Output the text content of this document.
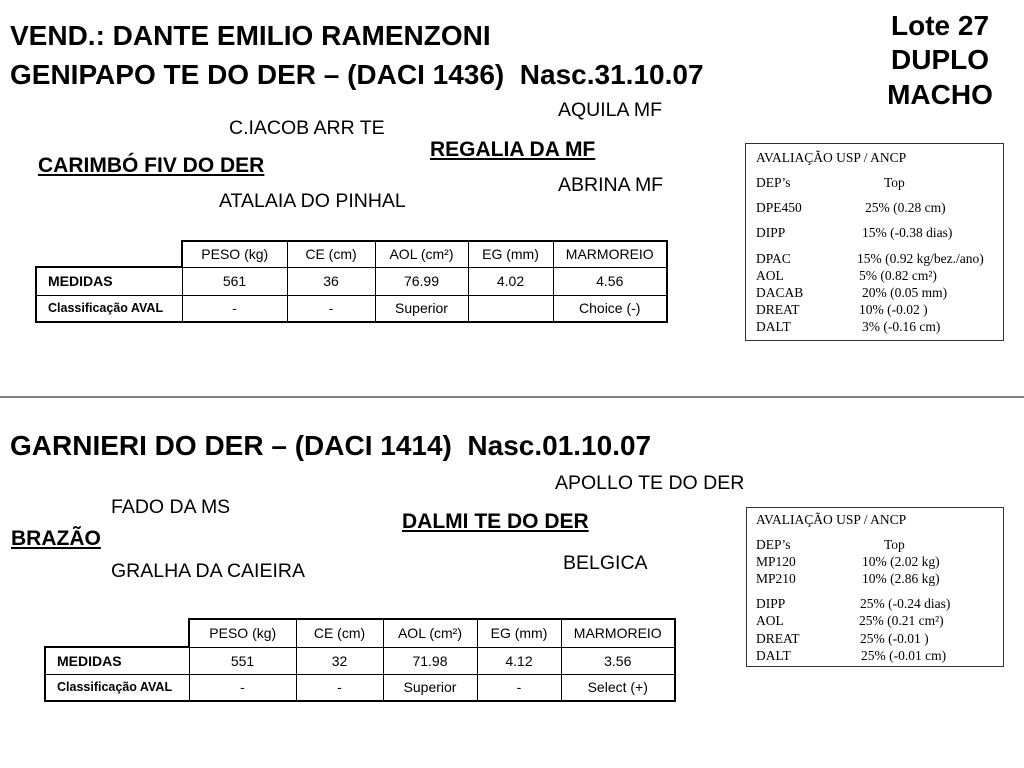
VEND.: DANTE EMILIO RAMENZONI	Lote 27
DUPLO
MACHO
GENIPAPO TE DO DER – (DACI 1436)  Nasc.31.10.07
AQUILA MF
C.IACOB ARR TE
REGALIA DA MF
CARIMBÓ FIV DO DER
ABRINA MF
ATALAIA DO PINHAL
	PESO (kg)	CE (cm)	AOL (cm²)	EG (mm)	MARMOREIO
MEDIDAS	561	36	76.99	4.02	4.56
Classificação AVAL	-	-	Superior		Choice (-)
AVALIAÇÃO USP / ANCP
DEP’s	Top
DPE450	25% (0.28 cm)
DIPP	15% (-0.38 dias)
DPAC	15% (0.92 kg/bez./ano)
AOL	5% (0.82 cm²)
DACAB	20% (0.05 mm)
DREAT	10% (-0.02 )
DALT	3% (-0.16 cm)
GARNIERI DO DER – (DACI 1414)  Nasc.01.10.07
APOLLO TE DO DER
FADO DA MS
DALMI TE DO DER
BRAZÃO
BELGICA
GRALHA DA CAIEIRA
	PESO (kg)	CE (cm)	AOL (cm²)	EG (mm)	MARMOREIO
MEDIDAS	551	32	71.98	4.12	3.56
Classificação AVAL	-	-	Superior	-	Select (+)
AVALIAÇÃO USP / ANCP
DEP’s	Top
MP120	10% (2.02 kg)
MP210	10% (2.86 kg)
DIPP	25% (-0.24 dias)
AOL	25% (0.21 cm²)
DREAT	25% (-0.01 )
DALT	25% (-0.01 cm)
